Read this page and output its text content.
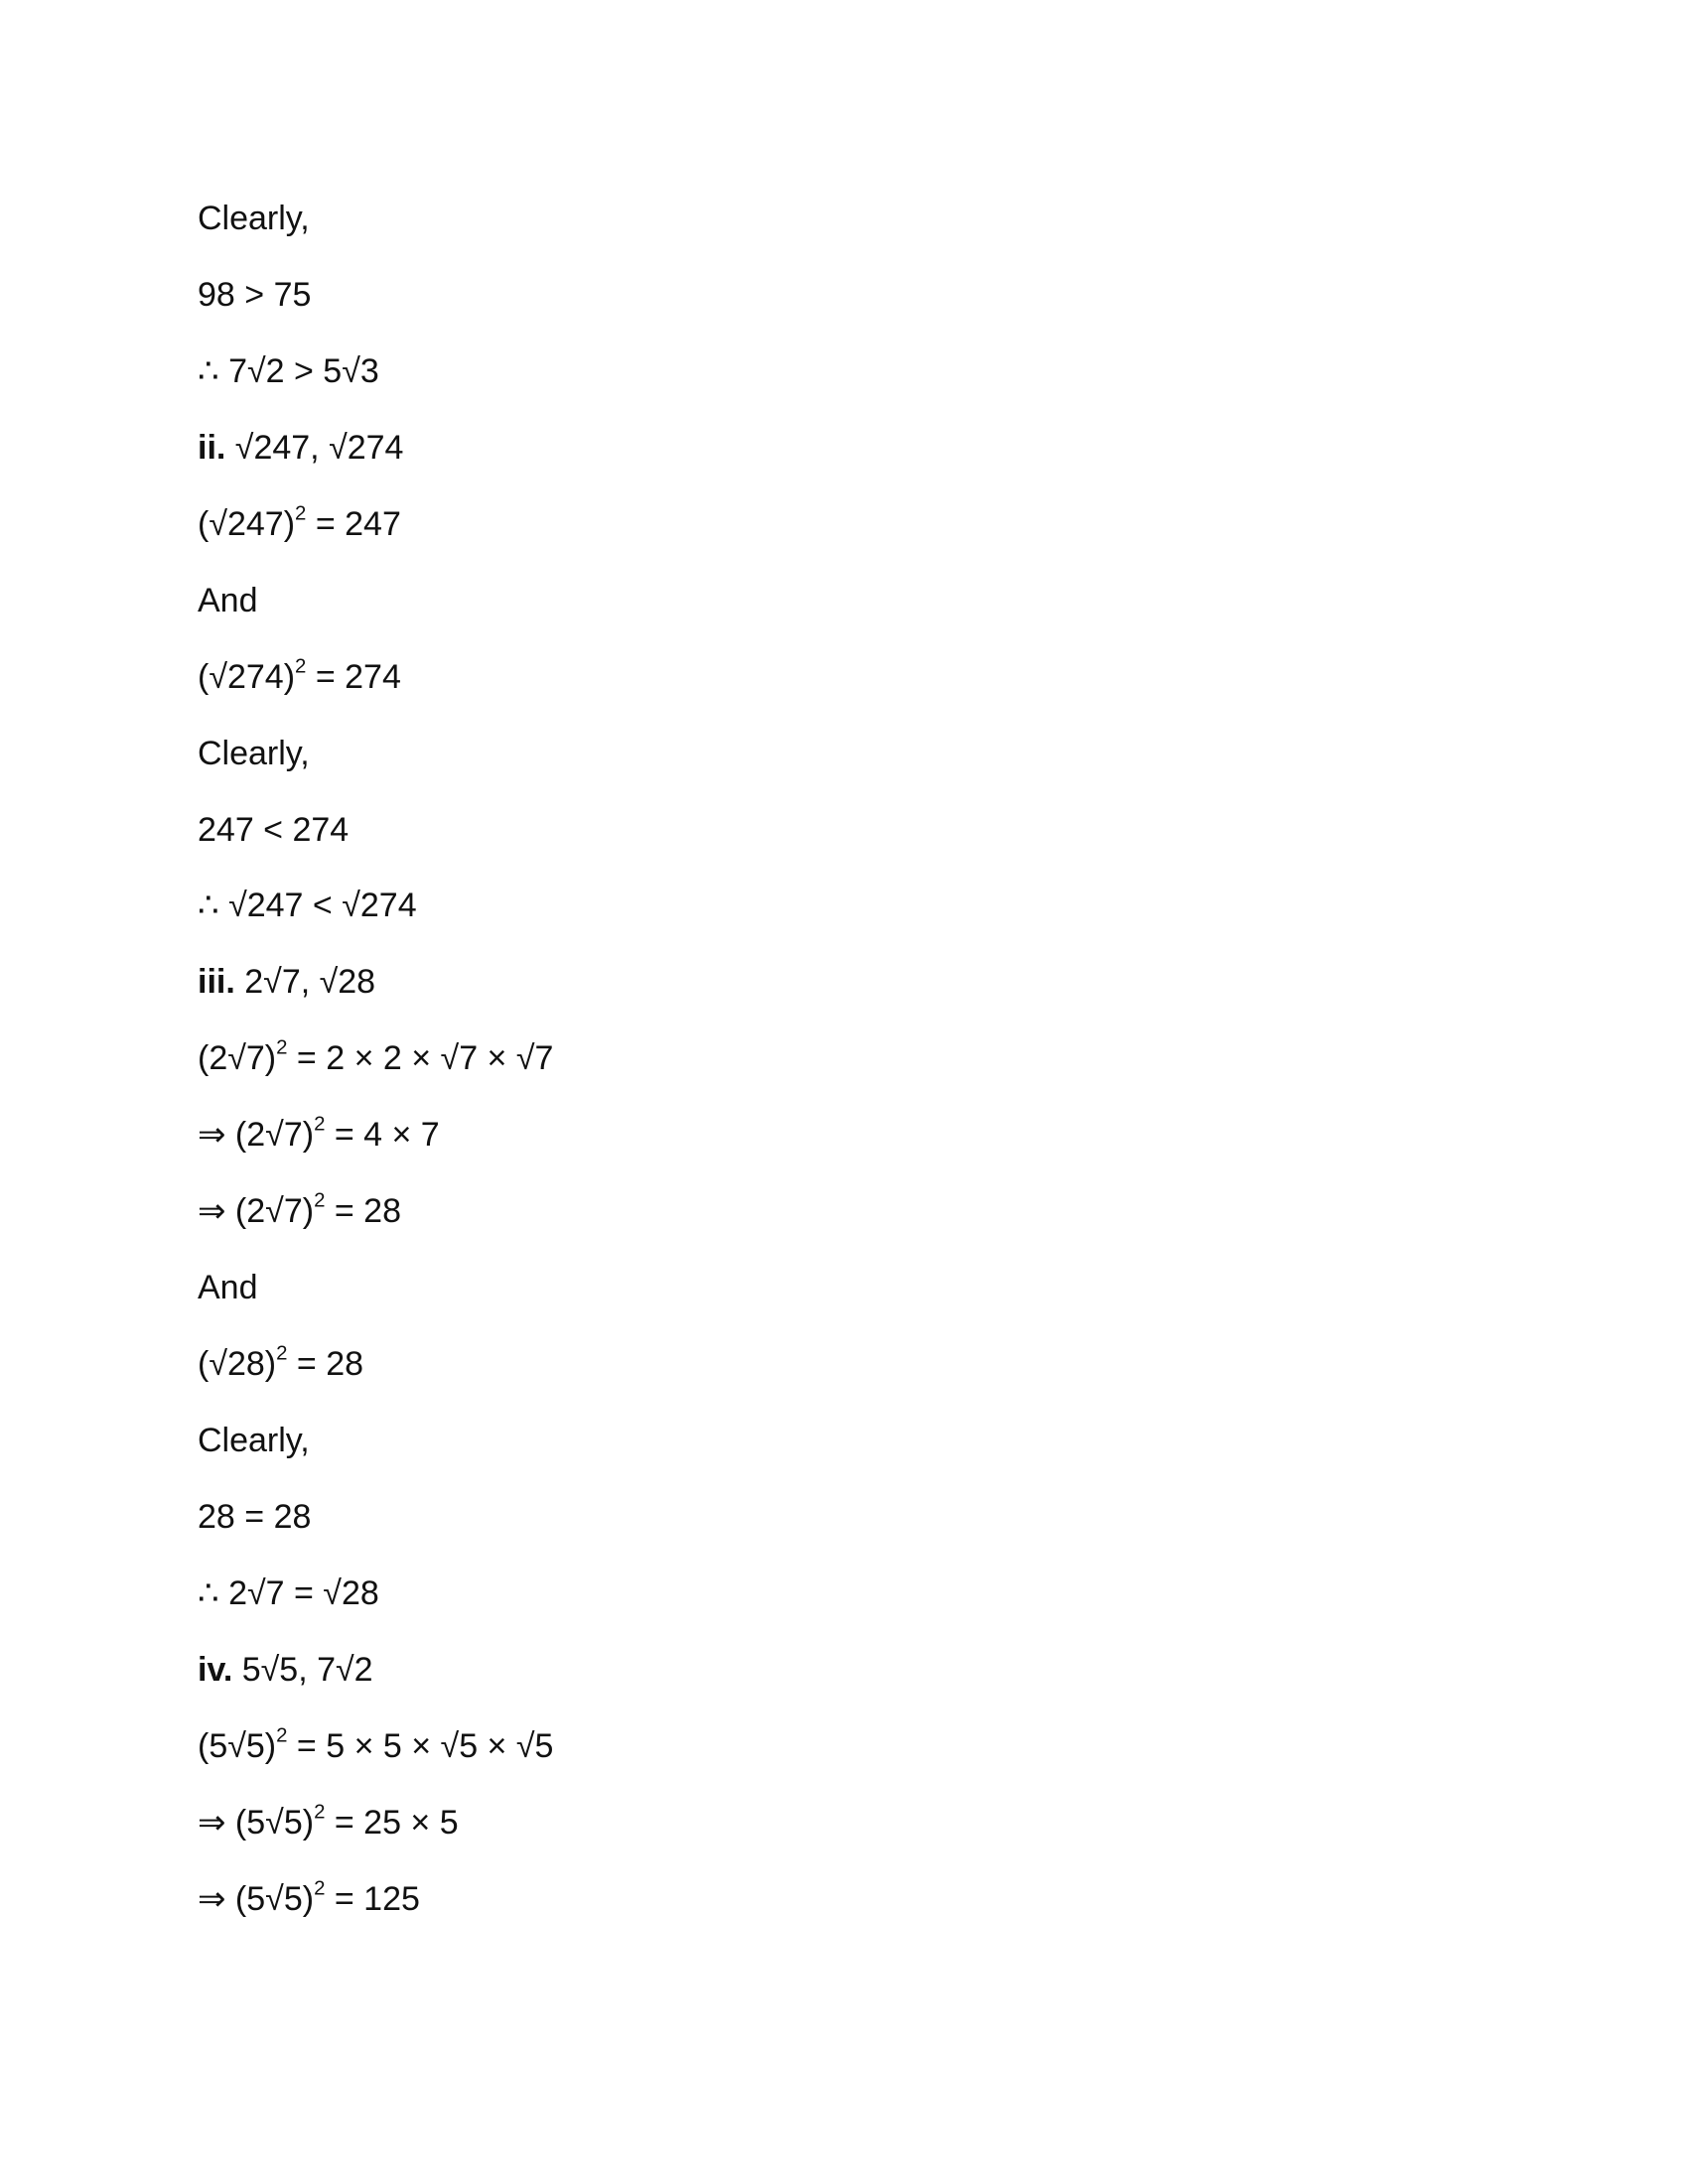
Clearly,
98 > 75
∴ 7√2 > 5√3
ii. √247, √274
$(√247)^2 = 247$
And
$(√274)^2 = 274$
Clearly,
247 < 274
∴ √247 < √274
iii. 2√7, √28
$(2√7)^2 = 2 \times 2 \times √7 \times √7$
⇒ $(2√7)^2 = 4 \times 7$
⇒ $(2√7)^2 = 28$
And
$(√28)^2 = 28$
Clearly,
28 = 28
∴ 2√7 = √28
iv. 5√5, 7√2
$(5√5)^2 = 5 \times 5 \times √5 \times √5$
⇒ $(5√5)^2 = 25 \times 5$
⇒ $(5√5)^2 = 125$
